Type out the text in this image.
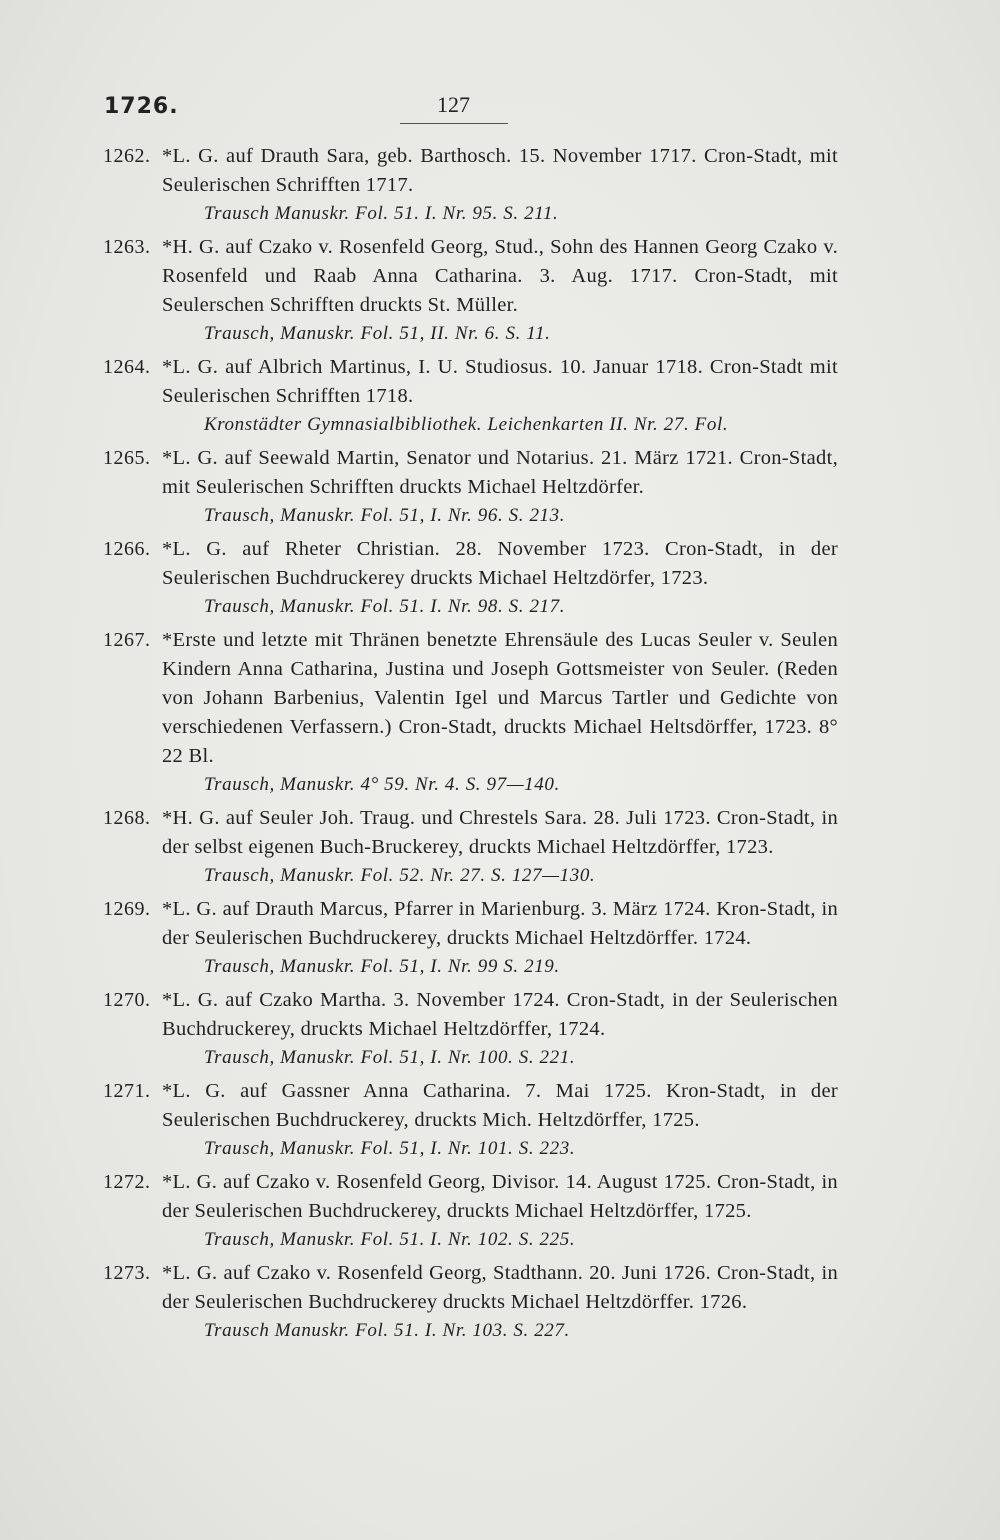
1726.	127
1262. *L. G. auf Drauth Sara, geb. Barthosch. 15. November 1717. Cron-Stadt, mit Seulerischen Schrifften 1717.
Trausch Manuskr. Fol. 51. I. Nr. 95. S. 211.
1263. *H. G. auf Czako v. Rosenfeld Georg, Stud., Sohn des Hannen Georg Czako v. Rosenfeld und Raab Anna Catharina. 3. Aug. 1717. Cron-Stadt, mit Seulerschen Schrifften druckts St. Müller.
Trausch, Manuskr. Fol. 51, II. Nr. 6. S. 11.
1264. *L. G. auf Albrich Martinus, I. U. Studiosus. 10. Januar 1718. Cron-Stadt mit Seulerischen Schrifften 1718.
Kronstädter Gymnasialbibliothek. Leichenkarten II. Nr. 27. Fol.
1265. *L. G. auf Seewald Martin, Senator und Notarius. 21. März 1721. Cron-Stadt, mit Seulerischen Schrifften druckts Michael Heltzdörfer.
Trausch, Manuskr. Fol. 51, I. Nr. 96. S. 213.
1266. *L. G. auf Rheter Christian. 28. November 1723. Cron-Stadt, in der Seulerischen Buchdruckerey druckts Michael Heltzdörfer, 1723.
Trausch, Manuskr. Fol. 51. I. Nr. 98. S. 217.
1267. *Erste und letzte mit Thränen benetzte Ehrensäule des Lucas Seuler v. Seulen Kindern Anna Catharina, Justina und Joseph Gottsmeister von Seuler. (Reden von Johann Barbenius, Valentin Igel und Marcus Tartler und Gedichte von verschiedenen Verfassern.) Cron-Stadt, druckts Michael Heltsdörffer, 1723. 8° 22 Bl.
Trausch, Manuskr. 4° 59. Nr. 4. S. 97—140.
1268. *H. G. auf Seuler Joh. Traug. und Chrestels Sara. 28. Juli 1723. Cron-Stadt, in der selbst eigenen Buch-Bruckerey, druckts Michael Heltzdörffer, 1723.
Trausch, Manuskr. Fol. 52. Nr. 27. S. 127—130.
1269. *L. G. auf Drauth Marcus, Pfarrer in Marienburg. 3. März 1724. Kron-Stadt, in der Seulerischen Buchdruckerey, druckts Michael Heltzdörffer. 1724.
Trausch, Manuskr. Fol. 51, I. Nr. 99 S. 219.
1270. *L. G. auf Czako Martha. 3. November 1724. Cron-Stadt, in der Seulerischen Buchdruckerey, druckts Michael Heltzdörffer, 1724.
Trausch, Manuskr. Fol. 51, I. Nr. 100. S. 221.
1271. *L. G. auf Gassner Anna Catharina. 7. Mai 1725. Kron-Stadt, in der Seulerischen Buchdruckerey, druckts Mich. Heltzdörffer, 1725.
Trausch, Manuskr. Fol. 51, I. Nr. 101. S. 223.
1272. *L. G. auf Czako v. Rosenfeld Georg, Divisor. 14. August 1725. Cron-Stadt, in der Seulerischen Buchdruckerey, druckts Michael Heltzdörffer, 1725.
Trausch, Manuskr. Fol. 51. I. Nr. 102. S. 225.
1273. *L. G. auf Czako v. Rosenfeld Georg, Stadthann. 20. Juni 1726. Cron-Stadt, in der Seulerischen Buchdruckerey druckts Michael Heltzdörffer. 1726.
Trausch Manuskr. Fol. 51. I. Nr. 103. S. 227.
